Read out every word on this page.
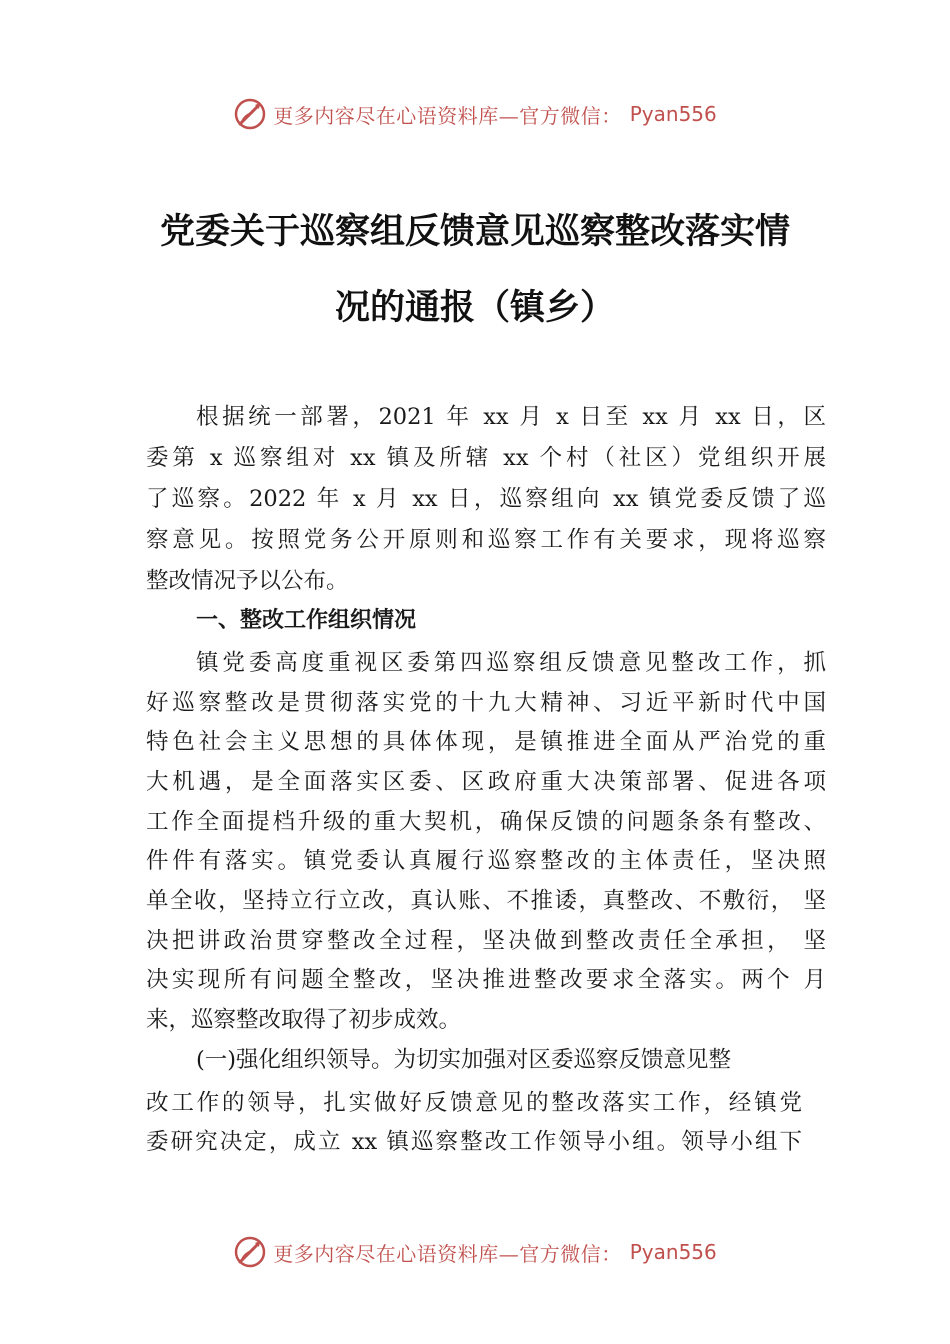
更多内容尽在心语资料库—官方微信： Pyan556
党委关于巡察组反馈意见巡察整改落实情
况的通报（镇乡）
根据统一部署，2021 年 xx 月 x 日至 xx 月 xx 日，区
委第 x 巡察组对 xx 镇及所辖 xx 个村（社区）党组织开展
了巡察。2022 年 x 月 xx 日，巡察组向 xx 镇党委反馈了巡
察意见。按照党务公开原则和巡察工作有关要求，现将巡察
整改情况予以公布。
一、整改工作组织情况
镇党委高度重视区委第四巡察组反馈意见整改工作，抓
好巡察整改是贯彻落实党的十九大精神、习近平新时代中国
特色社会主义思想的具体体现，是镇推进全面从严治党的重
大机遇，是全面落实区委、区政府重大决策部署、促进各项
工作全面提档升级的重大契机，确保反馈的问题条条有整改、
件件有落实。镇党委认真履行巡察整改的主体责任，坚决照
单全收，坚持立行立改，真认账、不推诿，真整改、不敷衍， 坚
决把讲政治贯穿整改全过程，坚决做到整改责任全承担， 坚
决实现所有问题全整改，坚决推进整改要求全落实。两个 月
来，巡察整改取得了初步成效。
(一)强化组织领导。为切实加强对区委巡察反馈意见整
改工作的领导，扎实做好反馈意见的整改落实工作，经镇党
委研究决定，成立 xx 镇巡察整改工作领导小组。领导小组下
更多内容尽在心语资料库—官方微信： Pyan556
